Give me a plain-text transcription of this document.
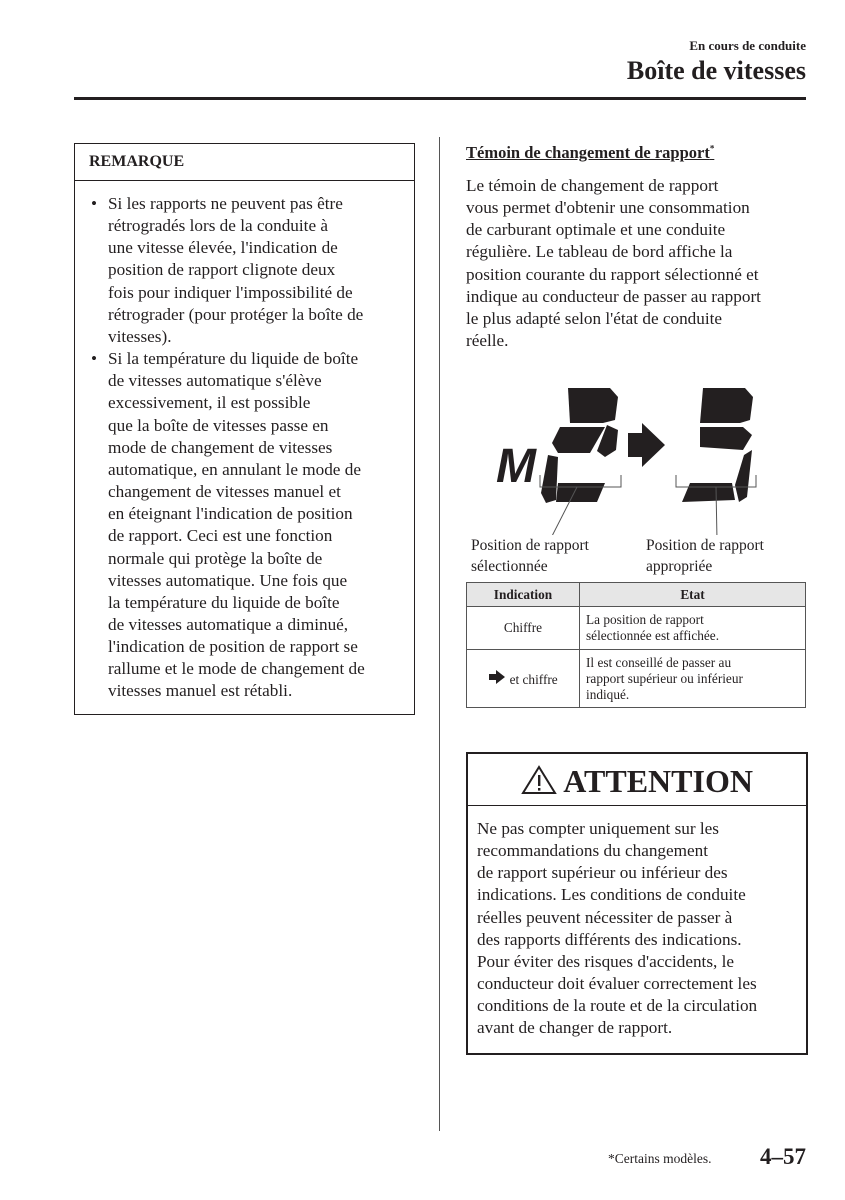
En cours de conduite
Boîte de vitesses
REMARQUE
• Si les rapports ne peuvent pas être
rétrogradés lors de la conduite à
une vitesse élevée, l'indication de
position de rapport clignote deux
fois pour indiquer l'impossibilité de
rétrograder (pour protéger la boîte de
vitesses).
• Si la température du liquide de boîte
de vitesses automatique s'élève
excessivement, il est possible
que la boîte de vitesses passe en
mode de changement de vitesses
automatique, en annulant le mode de
changement de vitesses manuel et
en éteignant l'indication de position
de rapport. Ceci est une fonction
normale qui protège la boîte de
vitesses automatique. Une fois que
la température du liquide de boîte
de vitesses automatique a diminué,
l'indication de position de rapport se
rallume et le mode de changement de
vitesses manuel est rétabli.
Témoin de changement de rapport*
Le témoin de changement de rapport
vous permet d'obtenir une consommation
de carburant optimale et une conduite
régulière. Le tableau de bord affiche la
position courante du rapport sélectionné et
indique au conducteur de passer au rapport
le plus adapté selon l'état de conduite
réelle.
M
Position de rapport
sélectionnée
Position de rapport
appropriée
Indication	Etat
Chiffre	La position de rapport
sélectionnée est affichée.

et chiffre	Il est conseillé de passer au
rapport supérieur ou inférieur
indiqué.
ATTENTION
Ne pas compter uniquement sur les
recommandations du changement
de rapport supérieur ou inférieur des
indications. Les conditions de conduite
réelles peuvent nécessiter de passer à
des rapports différents des indications.
Pour éviter des risques d'accidents, le
conducteur doit évaluer correctement les
conditions de la route et de la circulation
avant de changer de rapport.
*Certains modèles. 4–57
